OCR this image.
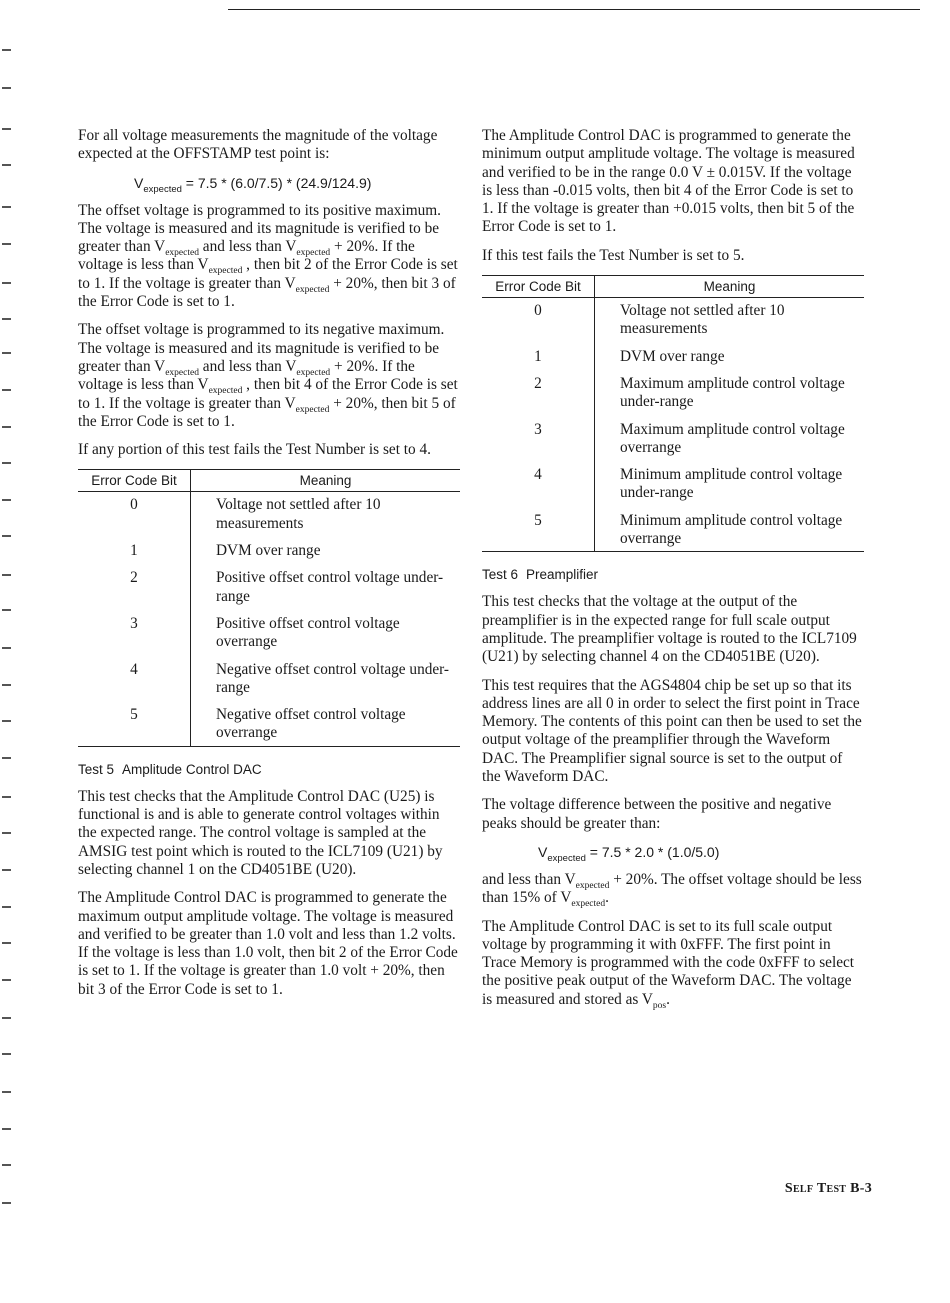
For all voltage measurements the magnitude of the voltage expected at the OFFSTAMP test point is:

$V_{expected} = 7.5 * (6.0/7.5) * (24.9/124.9)$

The offset voltage is programmed to its positive maximum. The voltage is measured and its magnitude is verified to be greater than $V_{expected}$ and less than $V_{expected} + 20\%$. If the voltage is less than $V_{expected}$ , then bit 2 of the Error Code is set to 1. If the voltage is greater than $V_{expected} + 20\%$, then bit 3 of the Error Code is set to 1.

The offset voltage is programmed to its negative maximum. The voltage is measured and its magnitude is verified to be greater than $V_{expected}$ and less than $V_{expected} + 20\%$. If the voltage is less than $V_{expected}$ , then bit 4 of the Error Code is set to 1. If the voltage is greater than $V_{expected} + 20\%$, then bit 5 of the Error Code is set to 1.

If any portion of this test fails the Test Number is set to 4.

Error Code Bit	Meaning
0	Voltage not settled after 10 measurements
1	DVM over range
2	Positive offset control voltage under-range
3	Positive offset control voltage overrange
4	Negative offset control voltage under-range
5	Negative offset control voltage overrange
Test 5 Amplitude Control DAC

This test checks that the Amplitude Control DAC (U25) is functional is and is able to generate control voltages within the expected range. The control voltage is sampled at the AMSIG test point which is routed to the ICL7109 (U21) by selecting channel 1 on the CD4051BE (U20).

The Amplitude Control DAC is programmed to generate the maximum output amplitude voltage. The voltage is measured and verified to be greater than 1.0 volt and less than 1.2 volts. If the voltage is less than 1.0 volt, then bit 2 of the Error Code is set to 1. If the voltage is greater than 1.0 volt + 20%, then bit 3 of the Error Code is set to 1.

The Amplitude Control DAC is programmed to generate the minimum output amplitude voltage. The voltage is measured and verified to be in the range 0.0 V ± 0.015V. If the voltage is less than -0.015 volts, then bit 4 of the Error Code is set to 1. If the voltage is greater than +0.015 volts, then bit 5 of the Error Code is set to 1.

If this test fails the Test Number is set to 5.

Error Code Bit	Meaning
0	Voltage not settled after 10 measurements
1	DVM over range
2	Maximum amplitude control voltage under-range
3	Maximum amplitude control voltage overrange
4	Minimum amplitude control voltage under-range
5	Minimum amplitude control voltage overrange
Test 6 Preamplifier

This test checks that the voltage at the output of the preamplifier is in the expected range for full scale output amplitude. The preamplifier voltage is routed to the ICL7109 (U21) by selecting channel 4 on the CD4051BE (U20).

This test requires that the AGS4804 chip be set up so that its address lines are all 0 in order to select the first point in Trace Memory. The contents of this point can then be used to set the output voltage of the preamplifier through the Waveform DAC. The Preamplifier signal source is set to the output of the Waveform DAC.

The voltage difference between the positive and negative peaks should be greater than:

$V_{expected} = 7.5 * 2.0 * (1.0/5.0)$

and less than $V_{expected} + 20\%$. The offset voltage should be less than 15% of $V_{expected}$.

The Amplitude Control DAC is set to its full scale output voltage by programming it with 0xFFF. The first point in Trace Memory is programmed with the code 0xFFF to select the positive peak output of the Waveform DAC. The voltage is measured and stored as $V_{pos}$.

Self Test B-3
